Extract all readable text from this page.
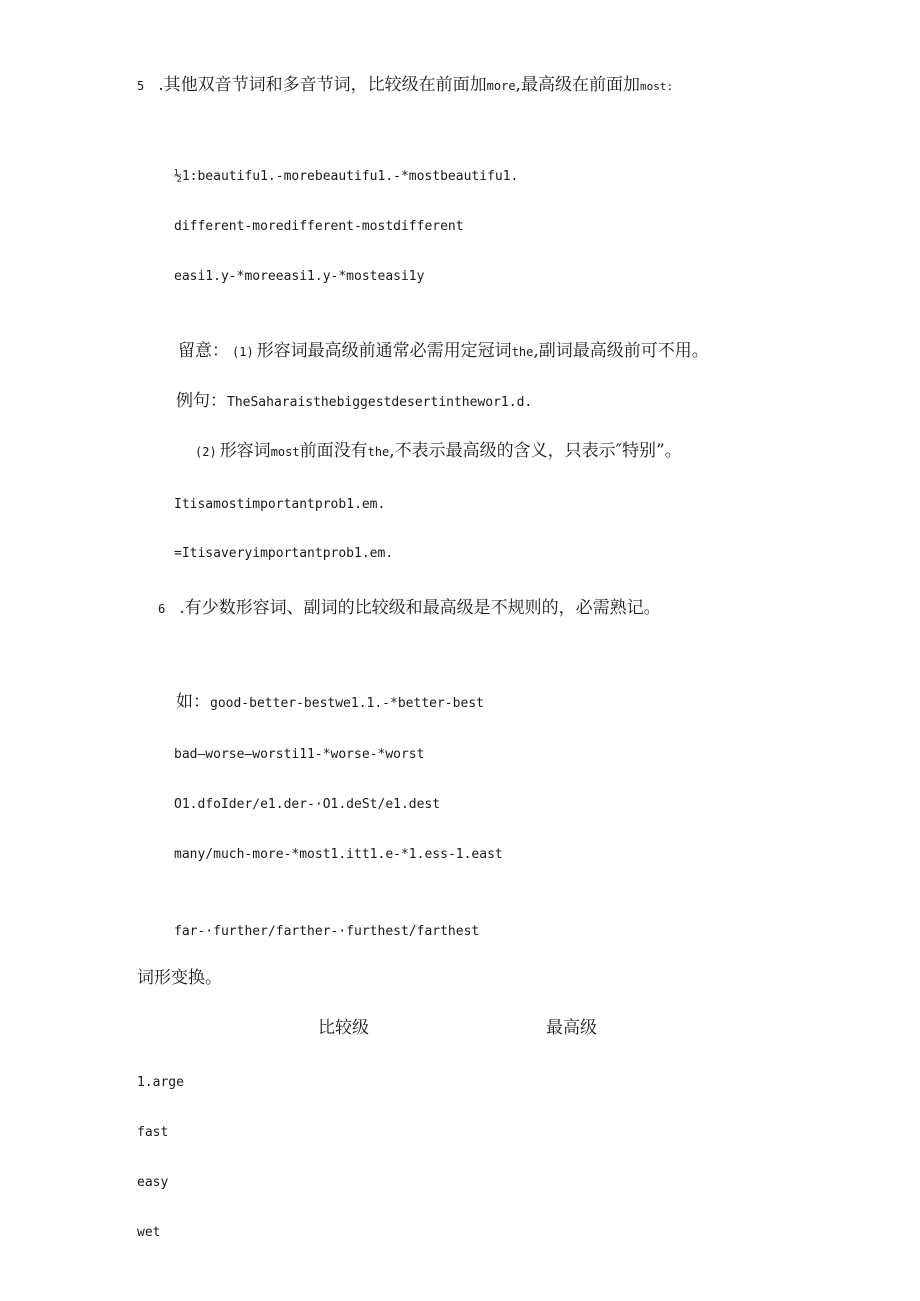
5 .其他双音节词和多音节词，比较级在前面加more,最高级在前面加most:
½1:beautifu1.-morebeautifu1.-*mostbeautifu1.
different-moredifferent-mostdifferent
easi1.y-*moreeasi1.y-*mosteasi1y
留意： (1) 形容词最高级前通常必需用定冠词the,副词最高级前可不用。
例句：TheSaharaisthebiggestdesertinthewor1.d.
(2) 形容词most前面没有the,不表示最高级的含义，只表示″特别”。
Itisamostimportantprob1.em.
=Itisaveryimportantprob1.em.
6 .有少数形容词、副词的比较级和最高级是不规则的，必需熟记。
如：good-better-bestwe1.1.-*better-best
bad—worse—worsti11-*worse-*worst
O1.dfoIder∕e1.der-·O1.deSt/e1.dest
many/much-more-*most1.itt1.e-*1.ess-1.east
far-·further∕farther-·furthest/farthest
词形变换。
比较级	最高级
1.arge
fast
easy
wet
